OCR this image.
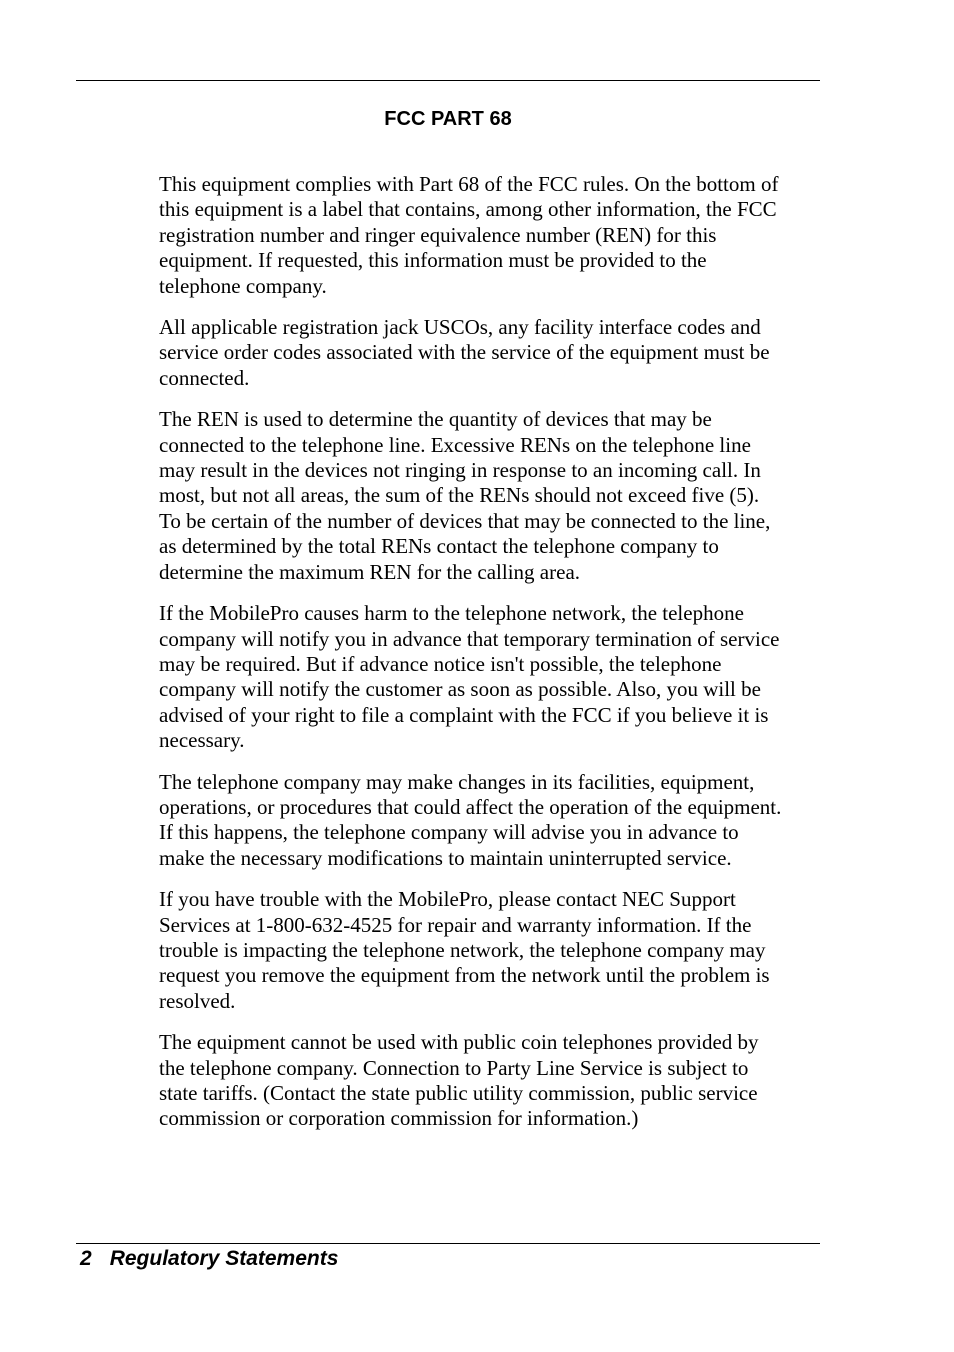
FCC PART 68

This equipment complies with Part 68 of the FCC rules. On the bottom of
this equipment is a label that contains, among other information, the FCC
registration number and ringer equivalence number (REN) for this
equipment. If requested, this information must be provided to the
telephone company.

All applicable registration jack USCOs, any facility interface codes and
service order codes associated with the service of the equipment must be
connected.

The REN is used to determine the quantity of devices that may be
connected to the telephone line. Excessive RENs on the telephone line
may result in the devices not ringing in response to an incoming call. In
most, but not all areas, the sum of the RENs should not exceed five (5).
To be certain of the number of devices that may be connected to the line,
as determined by the total RENs contact the telephone company to
determine the maximum REN for the calling area.

If the MobilePro causes harm to the telephone network, the telephone
company will notify you in advance that temporary termination of service
may be required. But if advance notice isn't possible, the telephone
company will notify the customer as soon as possible. Also, you will be
advised of your right to file a complaint with the FCC if you believe it is
necessary.

The telephone company may make changes in its facilities, equipment,
operations, or procedures that could affect the operation of the equipment.
If this happens, the telephone company will advise you in advance to
make the necessary modifications to maintain uninterrupted service.

If you have trouble with the MobilePro, please contact NEC Support
Services at 1-800-632-4525 for repair and warranty information. If the
trouble is impacting the telephone network, the telephone company may
request you remove the equipment from the network until the problem is
resolved.

The equipment cannot be used with public coin telephones provided by
the telephone company. Connection to Party Line Service is subject to
state tariffs. (Contact the state public utility commission, public service
commission or corporation commission for information.)

2 Regulatory Statements
